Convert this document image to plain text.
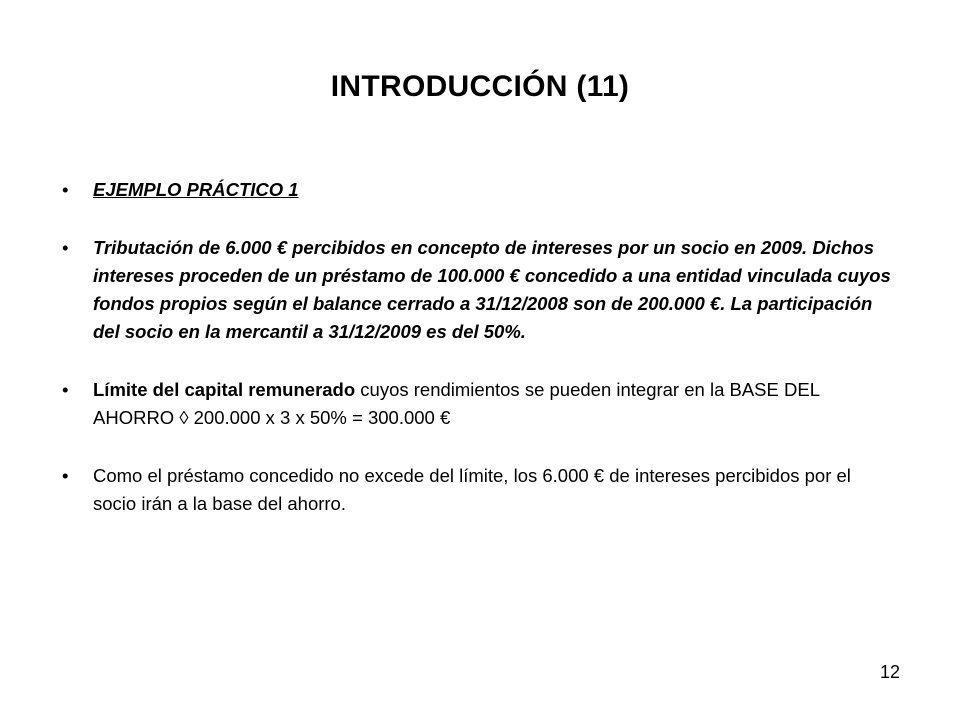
INTRODUCCIÓN (11)
• EJEMPLO PRÁCTICO 1
• Tributación de 6.000 € percibidos en concepto de intereses por un socio en 2009. Dichos intereses proceden de un préstamo de 100.000 € concedido a una entidad vinculada cuyos fondos propios según el balance cerrado a 31/12/2008 son de 200.000 €. La participación del socio en la mercantil a 31/12/2009 es del 50%.
• Límite del capital remunerado cuyos rendimientos se pueden integrar en la BASE DEL AHORRO ◊ 200.000 x 3 x 50% = 300.000 €
• Como el préstamo concedido no excede del límite, los 6.000 € de intereses percibidos por el socio irán a la base del ahorro.
12
